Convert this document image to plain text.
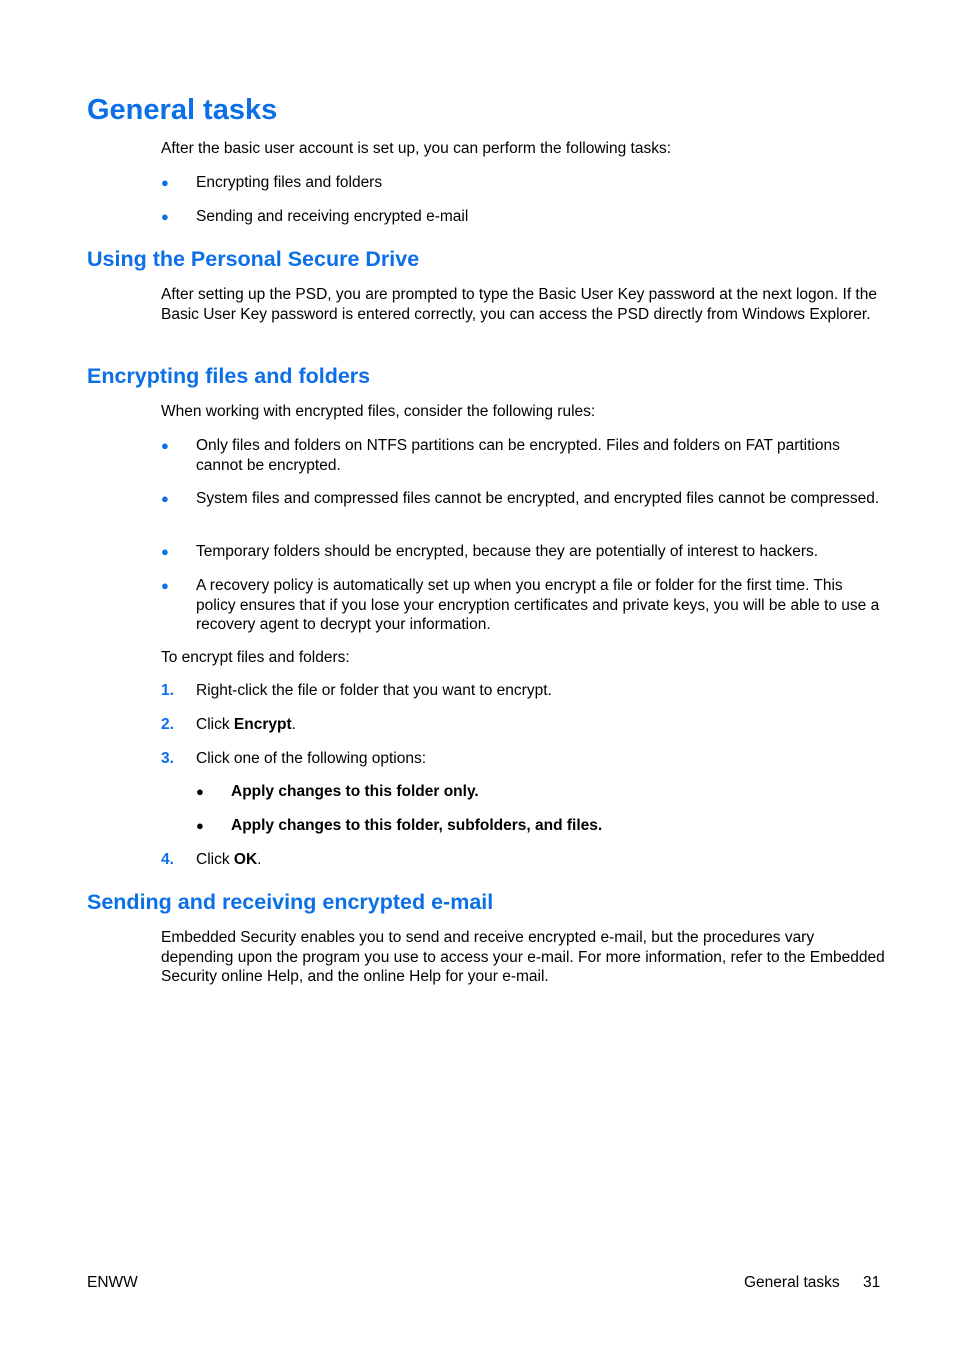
General tasks

After the basic user account is set up, you can perform the following tasks:

● Encrypting files and folders
● Sending and receiving encrypted e-mail
Using the Personal Secure Drive

After setting up the PSD, you are prompted to type the Basic User Key password at the next logon. If the Basic User Key password is entered correctly, you can access the PSD directly from Windows Explorer.

Encrypting files and folders

When working with encrypted files, consider the following rules:

● Only files and folders on NTFS partitions can be encrypted. Files and folders on FAT partitions cannot be encrypted.
● System files and compressed files cannot be encrypted, and encrypted files cannot be compressed.
● Temporary folders should be encrypted, because they are potentially of interest to hackers.
● A recovery policy is automatically set up when you encrypt a file or folder for the first time. This policy ensures that if you lose your encryption certificates and private keys, you will be able to use a recovery agent to decrypt your information.

To encrypt files and folders:

1. Right-click the file or folder that you want to encrypt.
2. Click Encrypt.
3. Click one of the following options:
● Apply changes to this folder only.
● Apply changes to this folder, subfolders, and files.
4. Click OK.
Sending and receiving encrypted e-mail

Embedded Security enables you to send and receive encrypted e-mail, but the procedures vary depending upon the program you use to access your e-mail. For more information, refer to the Embedded Security online Help, and the online Help for your e-mail.

ENWW	General tasks 31
